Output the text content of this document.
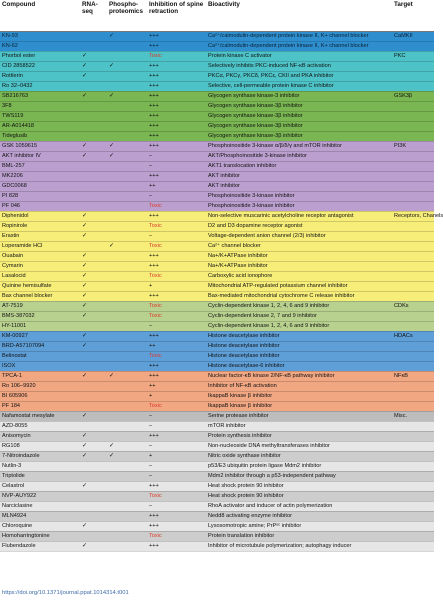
Compound	RNA-seq	Phospho-proteomics	Inhibition of spine retraction	Bioactivity	Target
KN-93		✓	+++	Ca²⁺/calmodulin-dependent protein kinase II, K+ channel blocker	CaMKII
KN-62			+++	Ca²⁺/calmodulin-dependent protein kinase II, K+ channel blocker	
Phorbol ester	✓		Toxic	Protein kinase C activator	PKC
CID 2858522	✓	✓	+++	Selectively inhibits PKC-induced NF-κB activation	
Rottlerin	✓		+++	PKCα, PKCγ, PKCδ, PKCε, CKII and PKA inhibitor	
Ro 32–0432			+++	Selective, cell-permeable protein kinase C inhibitor	
SB216763	✓	✓	+++	Glycogen synthase kinase-3 inhibitor	GSK3β
3F8			+++	Glycogen synthase kinase-3β inhibitor	
TWS119			+++	Glycogen synthase kinase-3β inhibitor	
AR-A014418			+++	Glycogen synthase kinase-3β inhibitor	
Tideglusib			+++	Glycogen synthase kinase-3β inhibitor	
GSK 1059615	✓	✓	+++	Phosphoinositide 3-kinase α/β/δ/γ and mTOR inhibitor	PI3K
AKT inhibitor IV	✓	✓	–	AKT/Phosphoinositide 3-kinase inhibitor	
BML-257			–	AKT1 translocation inhibitor	
MK2206			+++	AKT inhibitor	
GDC0068			++	AKT inhibitor	
PI 828			–	Phosphoinositide 3-kinase inhibitor	
PF 046			Toxic	Phosphoinositide 3-kinase inhibitor	
Diphenidol	✓		+++	Non-selective muscarinic acetylcholine receptor antagonist	Receptors, Chanels
Ropinirole	✓		Toxic	D2 and D3 dopamine receptor agonist	
Erastin	✓		–	Voltage-dependent anion channel (2/3) inhibitor	
Loperamide HCl		✓	Toxic	Ca²⁺ channel blocker	
Ouabain	✓		+++	Na+/K+ATPase inhibitor	
Cymarin	✓		+++	Na+/K+ATPase inhibitor	
Lasalocid	✓		Toxic	Carboxylic acid ionophore	
Quinine hemisulfate	✓		+	Mitochondrial ATP-regulated potassium channel inhibitor	
Bax channel blocker	✓		+++	Bax-mediated mitochondrial cytochrome C release inhibitor	
AT-7519	✓		Toxic	Cyclin-dependent kinase 1, 2, 4, 6 and 9 inhibitor	CDKs
BMS-387032	✓		Toxic	Cyclin-dependent kinase 2, 7 and 9 inhibitor	
HY-11001			–	Cyclin-dependent kinase 1, 2, 4, 6 and 9 inhibitor	
KM-00927	✓		+++	Histone deacetylase inhibitor	HDACs
BRD-A57107094	✓		++	Histone deacetylase inhibitor	
Belinostat			Toxic	Histone deacetylase inhibitor	
ISOX			+++	Histone deacetylase-6 inhibitor	
TPCA-1	✓	✓	+++	Nuclear factor-κB kinase 2/NF-κB pathway inhibitor	NFκB
Ro 106–9920			++	Inhibitor of NF-κB activation	
BI 605906			+	IkappaB kinase β inhibitor	
PF 184			Toxic	IkappaB kinase β inhibitor	
Nafamostat mesylate	✓		–	Serine protease inhibitor	Misc.
AZD-8055			–	mTOR inhibitor	
Anisomycin	✓		+++	Protein synthesis inhibitor	
RG108	✓	✓	–	Non-nucleoside DNA methyltransferases inhibitor	
7-Nitroindazole	✓	✓	+	Nitric oxide synthase inhibitor	
Nutlin-3			–	p53/E3 ubiquitin protein ligase Mdm2 inhibitor	
Triptolide			–	Mdm2 inhibitor through a p53-independent pathway	
Celastrol	✓		+++	Heat shock protein 90 inhibitor	
NVP-AUY922			Toxic	Heat shock protein 90 inhibitor	
Narciclasine			–	RhoA activator and inducer of actin polymerization	
MLN4924			+++	Nedd8 activating enzyme inhibitor	
Chloroquine	✓		+++	Lysosomotropic amine; PrPˢᶜ inhibitor	
Homoharringtonine			Toxic	Protein translation inhibitor	
Flubendazole	✓		+++	Inhibitor of microtubule polymerization; autophagy inducer	
https://doi.org/10.1371/journal.ppat.1014314.t001
